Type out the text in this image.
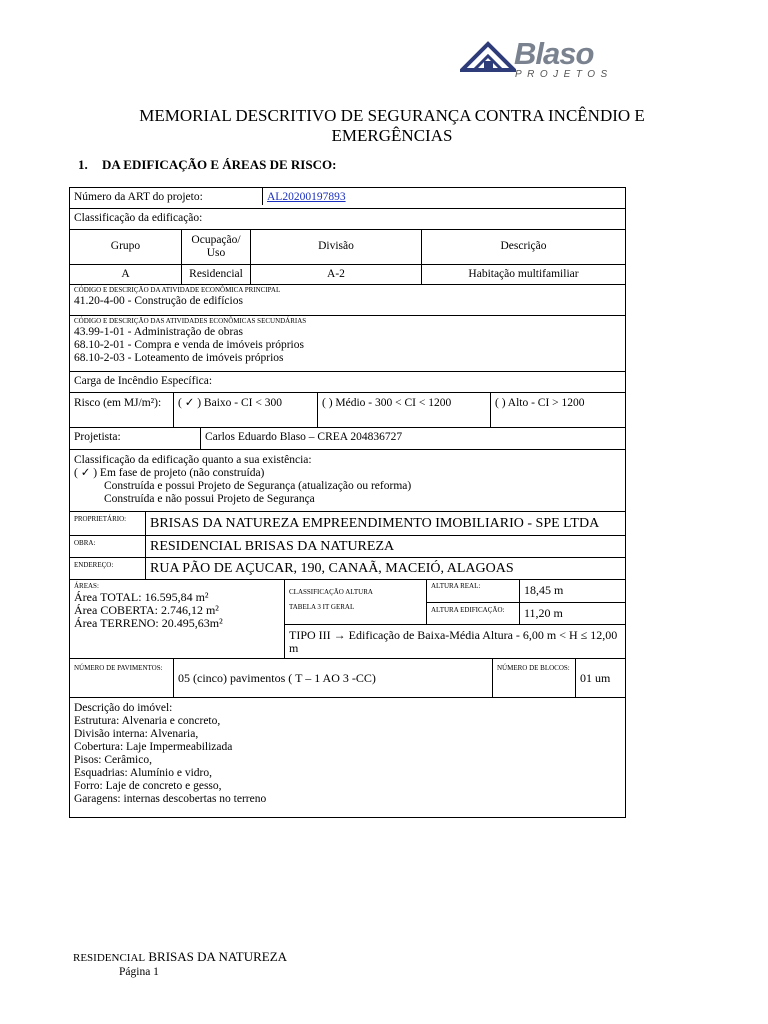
Blaso
PROJETOS
MEMORIAL DESCRITIVO DE SEGURANÇA CONTRA INCÊNDIO E EMERGÊNCIAS
1. DA EDIFICAÇÃO E ÁREAS DE RISCO:
Número da ART do projeto:	AL20200197893

Classificação da edificação:

Grupo	Ocupação/ Uso	Divisão	Descrição
A	Residencial	A-2	Habitação multifamiliar

CÓDIGO E DESCRIÇÃO DA ATIVIDADE ECONÔMICA PRINCIPAL
41.20-4-00 - Construção de edifícios

CÓDIGO E DESCRIÇÃO DAS ATIVIDADES ECONÔMICAS SECUNDÁRIAS
43.99-1-01 - Administração de obras
68.10-2-01 - Compra e venda de imóveis próprios
68.10-2-03 - Loteamento de imóveis próprios

Carga de Incêndio Específica:

Risco (em MJ/m²):	( ✓ ) Baixo - CI < 300	( ) Médio - 300 < CI < 1200	( ) Alto - CI > 1200

Projetista:	Carlos Eduardo Blaso – CREA 204836727

Classificação da edificação quanto a sua existência:
( ✓ ) Em fase de projeto (não construída)
Construída e possui Projeto de Segurança (atualização ou reforma)
Construída e não possui Projeto de Segurança

PROPRIETÁRIO:	BRISAS DA NATUREZA EMPREENDIMENTO IMOBILIARIO - SPE LTDA
OBRA:	RESIDENCIAL BRISAS DA NATUREZA
ENDEREÇO:	RUA PÃO DE AÇUCAR, 190, CANAÃ, MACEIÓ, ALAGOAS

ÁREAS:
Área TOTAL: 16.595,84 m²
Área COBERTA: 2.746,12 m²
Área TERRENO: 20.495,63m²

CLASSIFICAÇÃO ALTURA
TABELA 3 IT GERAL
	ALTURA REAL:	18,45 m
ALTURA EDIFICAÇÃO:	11,20 m
TIPO III → Edificação de Baixa-Média Altura - 6,00 m < H ≤ 12,00 m

NÚMERO DE PAVIMENTOS:
	05 (cinco) pavimentos ( T – 1 AO 3 -CC)	
NÚMERO DE BLOCOS:
	01 um

Descrição do imóvel:
Estrutura: Alvenaria e concreto,
Divisão interna: Alvenaria,
Cobertura: Laje Impermeabilizada
Pisos: Cerâmico,
Esquadrias: Alumínio e vidro,
Forro: Laje de concreto e gesso,
Garagens: internas descobertas no terreno
RESIDENCIAL BRISAS DA NATUREZA
Página 1
